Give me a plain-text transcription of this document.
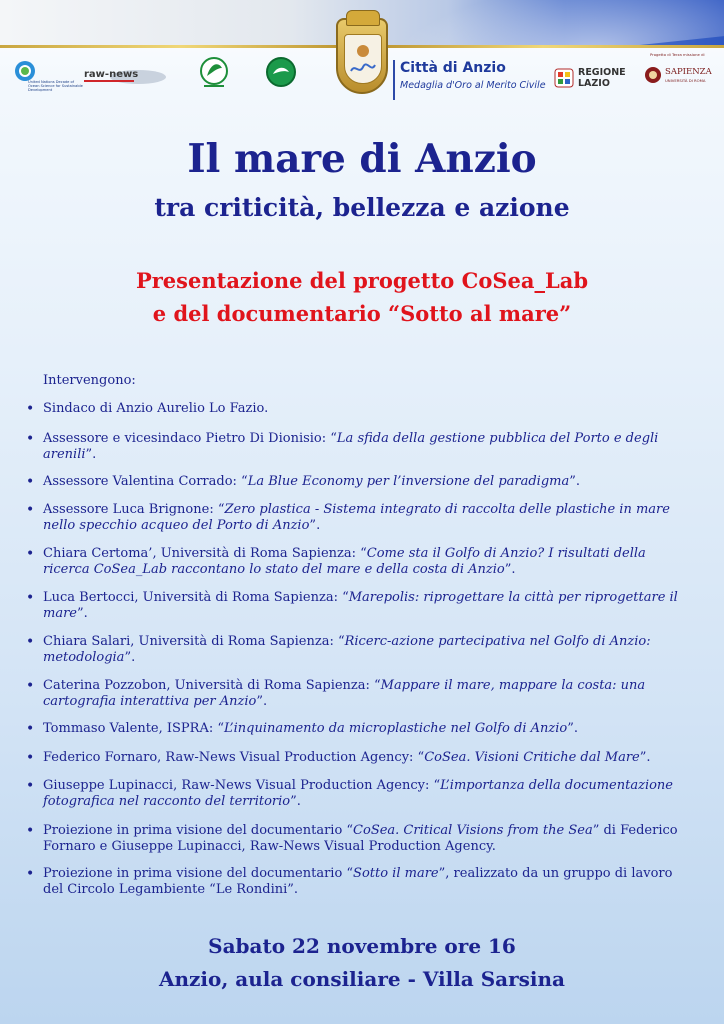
United Nations Decade of Ocean Science for Sustainable Development
raw-news	REGIONE
LAZIO
Progetto di Terza missione di
SAPIENZA
UNIVERSITÀ DI ROMA
Città di Anzio
Medaglia d'Oro al Merito Civile
Il mare di Anzio
tra criticità, bellezza e azione
Presentazione del progetto CoSea_Lab
e del documentario “Sotto al mare”
Intervengono:
• Sindaco di Anzio Aurelio Lo Fazio.
• Assessore e vicesindaco Pietro Di Dionisio: “La sfida della gestione pubblica del Porto e degli
arenili”.
• Assessore Valentina Corrado: “La Blue Economy per l’inversione del paradigma”.
• Assessore Luca Brignone: “Zero plastica - Sistema integrato di raccolta delle plastiche in mare
nello specchio acqueo del Porto di Anzio”.
• Chiara Certoma’, Università di Roma Sapienza: “Come sta il Golfo di Anzio? I risultati della
ricerca CoSea_Lab raccontano lo stato del mare e della costa di Anzio”.
• Luca Bertocci, Università di Roma Sapienza: “Marepolis: riprogettare la città per riprogettare il
mare”.
• Chiara Salari, Università di Roma Sapienza: “Ricerc-azione partecipativa nel Golfo di Anzio:
metodologia”.
• Caterina Pozzobon, Università di Roma Sapienza: “Mappare il mare, mappare la costa: una
cartografia interattiva per Anzio”.
• Tommaso Valente, ISPRA: “L’inquinamento da microplastiche nel Golfo di Anzio”.
• Federico Fornaro, Raw-News Visual Production Agency: “CoSea. Visioni Critiche dal Mare”.
• Giuseppe Lupinacci, Raw-News Visual Production Agency: “L’importanza della documentazione
fotografica nel racconto del territorio”.
• Proiezione in prima visione del documentario “CoSea. Critical Visions from the Sea” di Federico
Fornaro e Giuseppe Lupinacci, Raw-News Visual Production Agency.
• Proiezione in prima visione del documentario “Sotto il mare”, realizzato da un gruppo di lavoro
del Circolo Legambiente “Le Rondini”.
Sabato 22 novembre ore 16
Anzio, aula consiliare - Villa Sarsina
